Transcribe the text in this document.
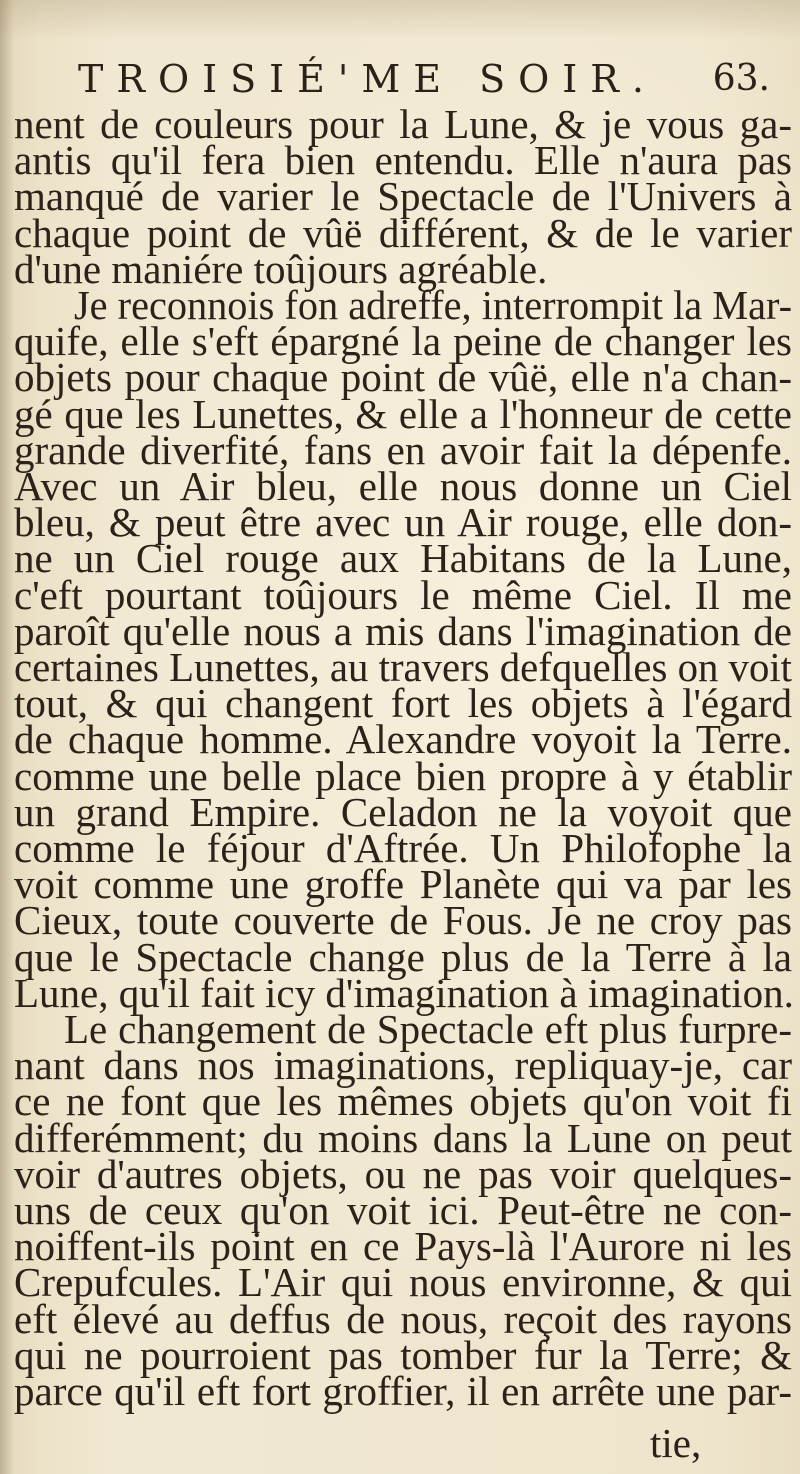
TROISIÉ'ME SOIR. 63.
nent de couleurs pour la Lune, & je vous ga-
antis qu'il fera bien entendu. Elle n'aura pas
manqué de varier le Spectacle de l'Univers à
chaque point de vûë différent, & de le varier
d'une maniére toûjours agréable.
Je reconnois fon adreffe, interrompit la Mar-
quife, elle s'eft épargné la peine de changer les
objets pour chaque point de vûë, elle n'a chan-
gé que les Lunettes, & elle a l'honneur de cette
grande diverfité, fans en avoir fait la dépenfe.
Avec un Air bleu, elle nous donne un Ciel
bleu, & peut être avec un Air rouge, elle don-
ne un Ciel rouge aux Habitans de la Lune,
c'eft pourtant toûjours le même Ciel. Il me
paroît qu'elle nous a mis dans l'imagination de
certaines Lunettes, au travers defquelles on voit
tout, & qui changent fort les objets à l'égard
de chaque homme. Alexandre voyoit la Terre.
comme une belle place bien propre à y établir
un grand Empire. Celadon ne la voyoit que
comme le féjour d'Aftrée. Un Philofophe la
voit comme une groffe Planète qui va par les
Cieux, toute couverte de Fous. Je ne croy pas
que le Spectacle change plus de la Terre à la
Lune, qu'il fait icy d'imagination à imagination.
Le changement de Spectacle eft plus furpre-
nant dans nos imaginations, repliquay-je, car
ce ne font que les mêmes objets qu'on voit fi
differémment; du moins dans la Lune on peut
voir d'autres objets, ou ne pas voir quelques-
uns de ceux qu'on voit ici. Peut-être ne con-
noiffent-ils point en ce Pays-là l'Aurore ni les
Crepufcules. L'Air qui nous environne, & qui
eft élevé au deffus de nous, reçoit des rayons
qui ne pourroient pas tomber fur la Terre; &
parce qu'il eft fort groffier, il en arrête une par-
tie,
